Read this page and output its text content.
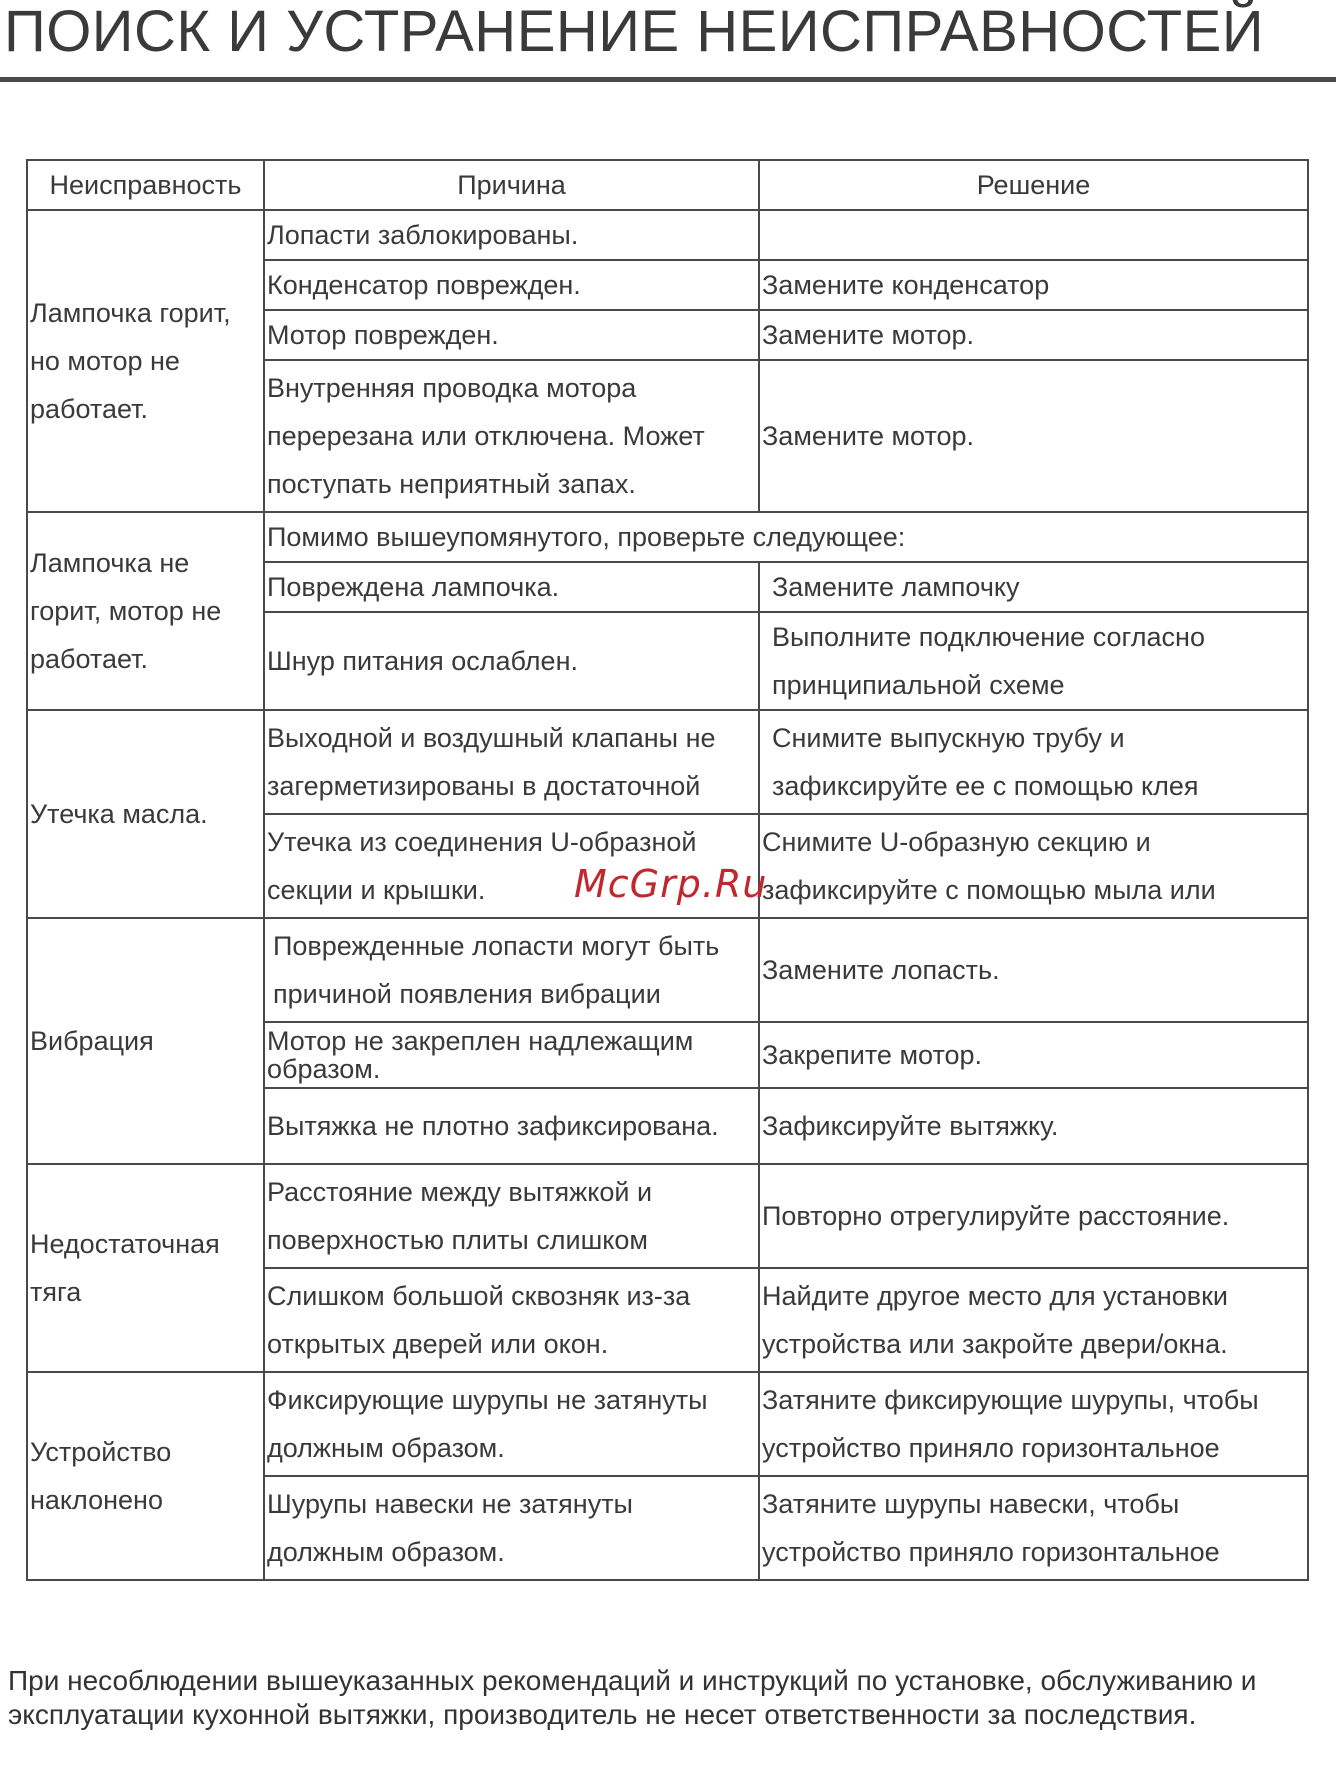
ПОИСК И УСТРАНЕНИЕ НЕИСПРАВНОСТЕЙ
Неисправность	Причина	Решение
Лампочка горит, но мотор не работает.	Лопасти заблокированы.	
	Конденсатор поврежден.	Замените конденсатор
	Мотор поврежден.	Замените мотор.
	Внутренняя проводка мотора перерезана или отключена. Может поступать неприятный запах.	Замените мотор.
Лампочка не горит, мотор не работает.	Помимо вышеупомянутого, проверьте следующее:	
	Повреждена лампочка.	Замените лампочку
	Шнур питания ослаблен.	Выполните подключение согласно принципиальной схеме
Утечка масла.	Выходной и воздушный клапаны не загерметизированы в достаточной	Снимите выпускную трубу и зафиксируйте ее с помощью клея
	Утечка из соединения U-образной секции и крышки.	Снимите U-образную секцию и зафиксируйте с помощью мыла или
Вибрация	Поврежденные лопасти могут быть причиной появления вибрации	Замените лопасть.
	Мотор не закреплен надлежащим образом.	Закрепите мотор.
	Вытяжка не плотно зафиксирована.	Зафиксируйте вытяжку.
Недостаточная тяга	Расстояние между вытяжкой и поверхностью плиты слишком	Повторно отрегулируйте расстояние.
	Слишком большой сквозняк из-за открытых дверей или окон.	Найдите другое место для установки устройства или закройте двери/окна.
Устройство наклонено	Фиксирующие шурупы не затянуты должным образом.	Затяните фиксирующие шурупы, чтобы устройство приняло горизонтальное
	Шурупы навески не затянуты должным образом.	Затяните шурупы навески, чтобы устройство приняло горизонтальное
McGrp.Ru

При несоблюдении вышеуказанных рекомендаций и инструкций по установке, обслуживанию и эксплуатации кухонной вытяжки, производитель не несет ответственности за последствия.
